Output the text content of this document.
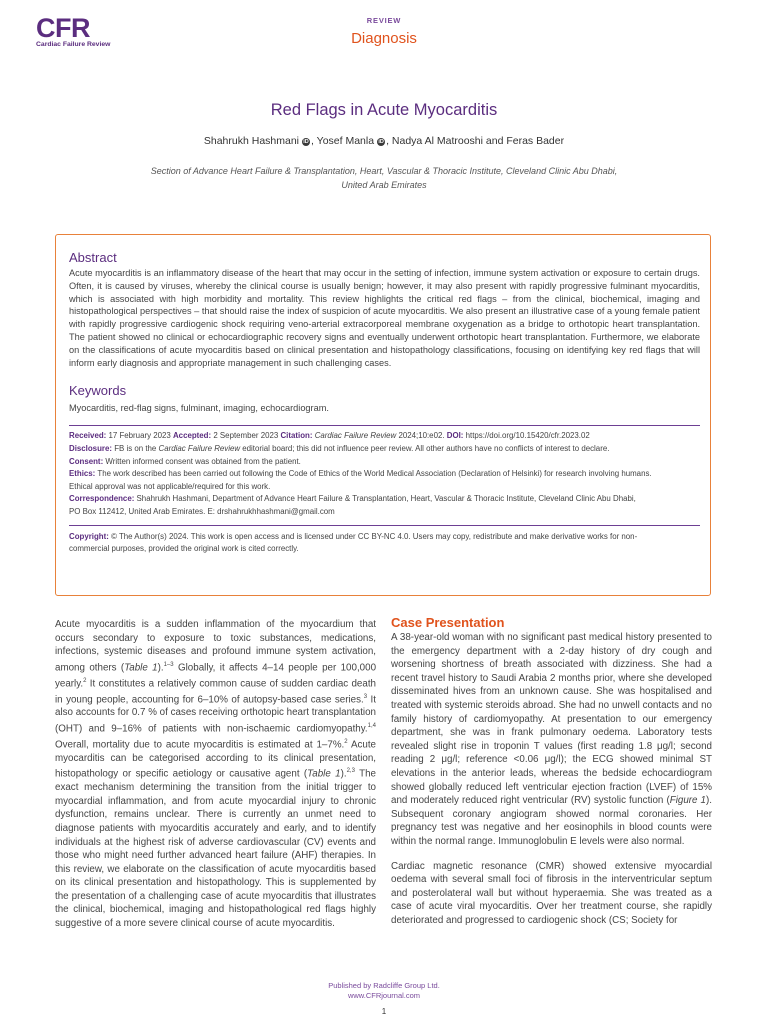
CFR
Cardiac Failure Review
REVIEW
Diagnosis
Red Flags in Acute Myocarditis
Shahrukh Hashmani iD , Yosef Manla iD , Nadya Al Matrooshi and Feras Bader
Section of Advance Heart Failure & Transplantation, Heart, Vascular & Thoracic Institute, Cleveland Clinic Abu Dhabi,
United Arab Emirates
Abstract
Acute myocarditis is an inflammatory disease of the heart that may occur in the setting of infection, immune system activation or exposure to certain drugs. Often, it is caused by viruses, whereby the clinical course is usually benign; however, it may also present with rapidly progressive fulminant myocarditis, which is associated with high morbidity and mortality. This review highlights the critical red flags – from the clinical, biochemical, imaging and histopathological perspectives – that should raise the index of suspicion of acute myocarditis. We also present an illustrative case of a young female patient with rapidly progressive cardiogenic shock requiring veno-arterial extracorporeal membrane oxygenation as a bridge to orthotopic heart transplantation. The patient showed no clinical or echocardiographic recovery signs and eventually underwent orthotopic heart transplantation. Furthermore, we elaborate on the classifications of acute myocarditis based on clinical presentation and histopathology classifications, focusing on identifying key red flags that will inform early diagnosis and appropriate management in such challenging cases.
Keywords
Myocarditis, red-flag signs, fulminant, imaging, echocardiogram.
Received: 17 February 2023 Accepted: 2 September 2023 Citation: Cardiac Failure Review 2024;10:e02. DOI: https://doi.org/10.15420/cfr.2023.02
Disclosure: FB is on the Cardiac Failure Review editorial board; this did not influence peer review. All other authors have no conflicts of interest to declare.
Consent: Written informed consent was obtained from the patient.
Ethics: The work described has been carried out following the Code of Ethics of the World Medical Association (Declaration of Helsinki) for research involving humans.
Ethical approval was not applicable/required for this work.
Correspondence: Shahrukh Hashmani, Department of Advance Heart Failure & Transplantation, Heart, Vascular & Thoracic Institute, Cleveland Clinic Abu Dhabi,
PO Box 112412, United Arab Emirates. E: drshahrukhhashmani@gmail.com
Copyright: © The Author(s) 2024. This work is open access and is licensed under CC BY-NC 4.0. Users may copy, redistribute and make derivative works for non-
commercial purposes, provided the original work is cited correctly.

Acute myocarditis is a sudden inflammation of the myocardium that occurs secondary to exposure to toxic substances, medications, infections, systemic diseases and profound immune system activation, among others (Table 1).$^{1-3}$ Globally, it affects 4–14 people per 100,000 yearly.$^2$ It constitutes a relatively common cause of sudden cardiac death in young people, accounting for 6–10% of autopsy-based case series.$^3$ It also accounts for 0.7 % of cases receiving orthotopic heart transplantation (OHT) and 9–16% of patients with non-ischaemic cardiomyopathy.$^{1,4}$ Overall, mortality due to acute myocarditis is estimated at 1–7%.$^2$ Acute myocarditis can be categorised according to its clinical presentation, histopathology or specific aetiology or causative agent (Table 1).$^{2,3}$ The exact mechanism determining the transition from the initial trigger to myocardial inflammation, and from acute myocardial injury to chronic dysfunction, remains unclear. There is currently an unmet need to diagnose patients with myocarditis accurately and early, and to identify individuals at the highest risk of adverse cardiovascular (CV) events and those who might need further advanced heart failure (AHF) therapies. In this review, we elaborate on the classification of acute myocarditis based on its clinical presentation and histopathology. This is supplemented by the presentation of a challenging case of acute myocarditis that illustrates the clinical, biochemical, imaging and histopathological red flags highly suggestive of a more severe clinical course of acute myocarditis.

Case Presentation

A 38-year-old woman with no significant past medical history presented to the emergency department with a 2-day history of dry cough and worsening shortness of breath associated with dizziness. She had a recent travel history to Saudi Arabia 2 months prior, where she developed disseminated hives from an unknown cause. She was hospitalised and treated with systemic steroids abroad. She had no unwell contacts and no family history of cardiomyopathy. At presentation to our emergency department, she was in frank pulmonary oedema. Laboratory tests revealed slight rise in troponin T values (first reading 1.8 μg/l; second reading 2 μg/l; reference <0.06 μg/l); the ECG showed minimal ST elevations in the anterior leads, whereas the bedside echocardiogram showed globally reduced left ventricular ejection fraction (LVEF) of 15% and moderately reduced right ventricular (RV) systolic function (Figure 1). Subsequent coronary angiogram showed normal coronaries. Her pregnancy test was negative and her eosinophils in blood counts were within the normal range. Immunoglobulin E levels were also normal.

Cardiac magnetic resonance (CMR) showed extensive myocardial oedema with several small foci of fibrosis in the interventricular septum and posterolateral wall but without hyperaemia. She was treated as a case of acute viral myocarditis. Over her treatment course, she rapidly deteriorated and progressed to cardiogenic shock (CS; Society for

Published by Radcliffe Group Ltd.
www.CFRjournal.com
1
